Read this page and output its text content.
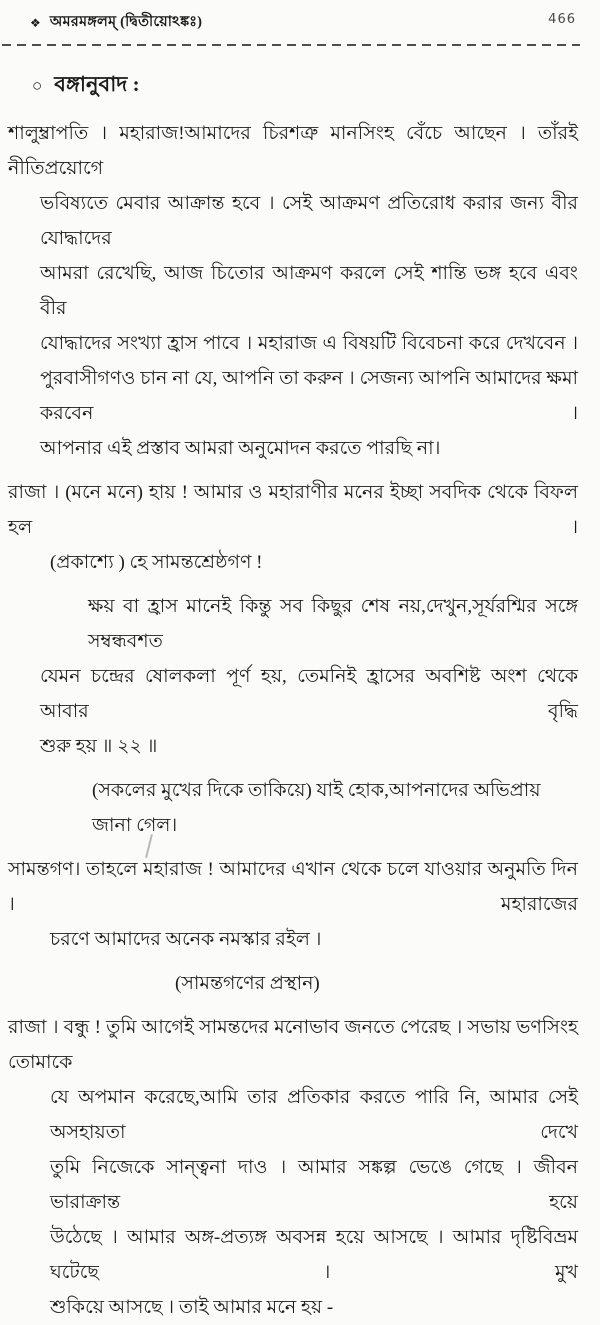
❖ অমরমঙ্গলম্ (দ্বিতীয়োঽঙ্কঃ)	466
○ বঙ্গানুবাদ :
শালুম্ব্রাপতি । মহারাজ!আমাদের চিরশত্রু মানসিংহ বেঁচে আছেন । তাঁরই নীতিপ্রয়োগে
ভবিষ্যতে মেবার আক্রান্ত হবে । সেই আক্রমণ প্রতিরোধ করার জন্য বীর যোদ্ধাদের
আমরা রেখেছি, আজ চিতোর আক্রমণ করলে সেই শান্তি ভঙ্গ হবে এবং বীর
যোদ্ধাদের সংখ্যা হ্রাস পাবে । মহারাজ এ বিষয়টি বিবেচনা করে দেখবেন ।
পুরবাসীগণও চান না যে, আপনি তা করুন । সেজন্য আপনি আমাদের ক্ষমা করবেন ।
আপনার এই প্রস্তাব আমরা অনুমোদন করতে পারছি না।
রাজা । (মনে মনে) হায় ! আমার ও মহারাণীর মনের ইচ্ছা সবদিক থেকে বিফল হল ।
(প্রকাশ্যে ) হে সামন্তশ্রেষ্ঠগণ !
ক্ষয় বা হ্রাস মানেই কিন্তু সব কিছুর শেষ নয়,দেখুন,সূর্যরশ্মির সঙ্গে সম্বন্ধবশত
যেমন চন্দ্রের ষোলকলা পূর্ণ হয়, তেমনিই হ্রাসের অবশিষ্ট অংশ থেকে আবার বৃদ্ধি
শুরু হয় ॥ ২২ ॥
(সকলের মুখের দিকে তাকিয়ে) যাই হোক,আপনাদের অভিপ্রায় জানা গেল।
সামন্তগণ। তাহলে মহারাজ ! আমাদের এখান থেকে চলে যাওয়ার অনুমতি দিন । মহারাজের
চরণে আমাদের অনেক নমস্কার রইল ।
(সামন্তগণের প্রস্থান)
রাজা । বন্ধু ! তুমি আগেই সামন্তদের মনোভাব জনতে পেরেছ । সভায় ভণসিংহ তোমাকে
যে অপমান করেছে,আমি তার প্রতিকার করতে পারি নি, আমার সেই অসহায়তা দেখে
তুমি নিজেকে সান্ত্বনা দাও । আমার সঙ্কল্প ভেঙে গেছে । জীবন ভারাক্রান্ত হয়ে
উঠেছে । আমার অঙ্গ-প্রত্যঙ্গ অবসন্ন হয়ে আসছে । আমার দৃষ্টিবিভ্রম ঘটেছে । মুখ
শুকিয়ে আসছে । তাই আমার মনে হয় -
